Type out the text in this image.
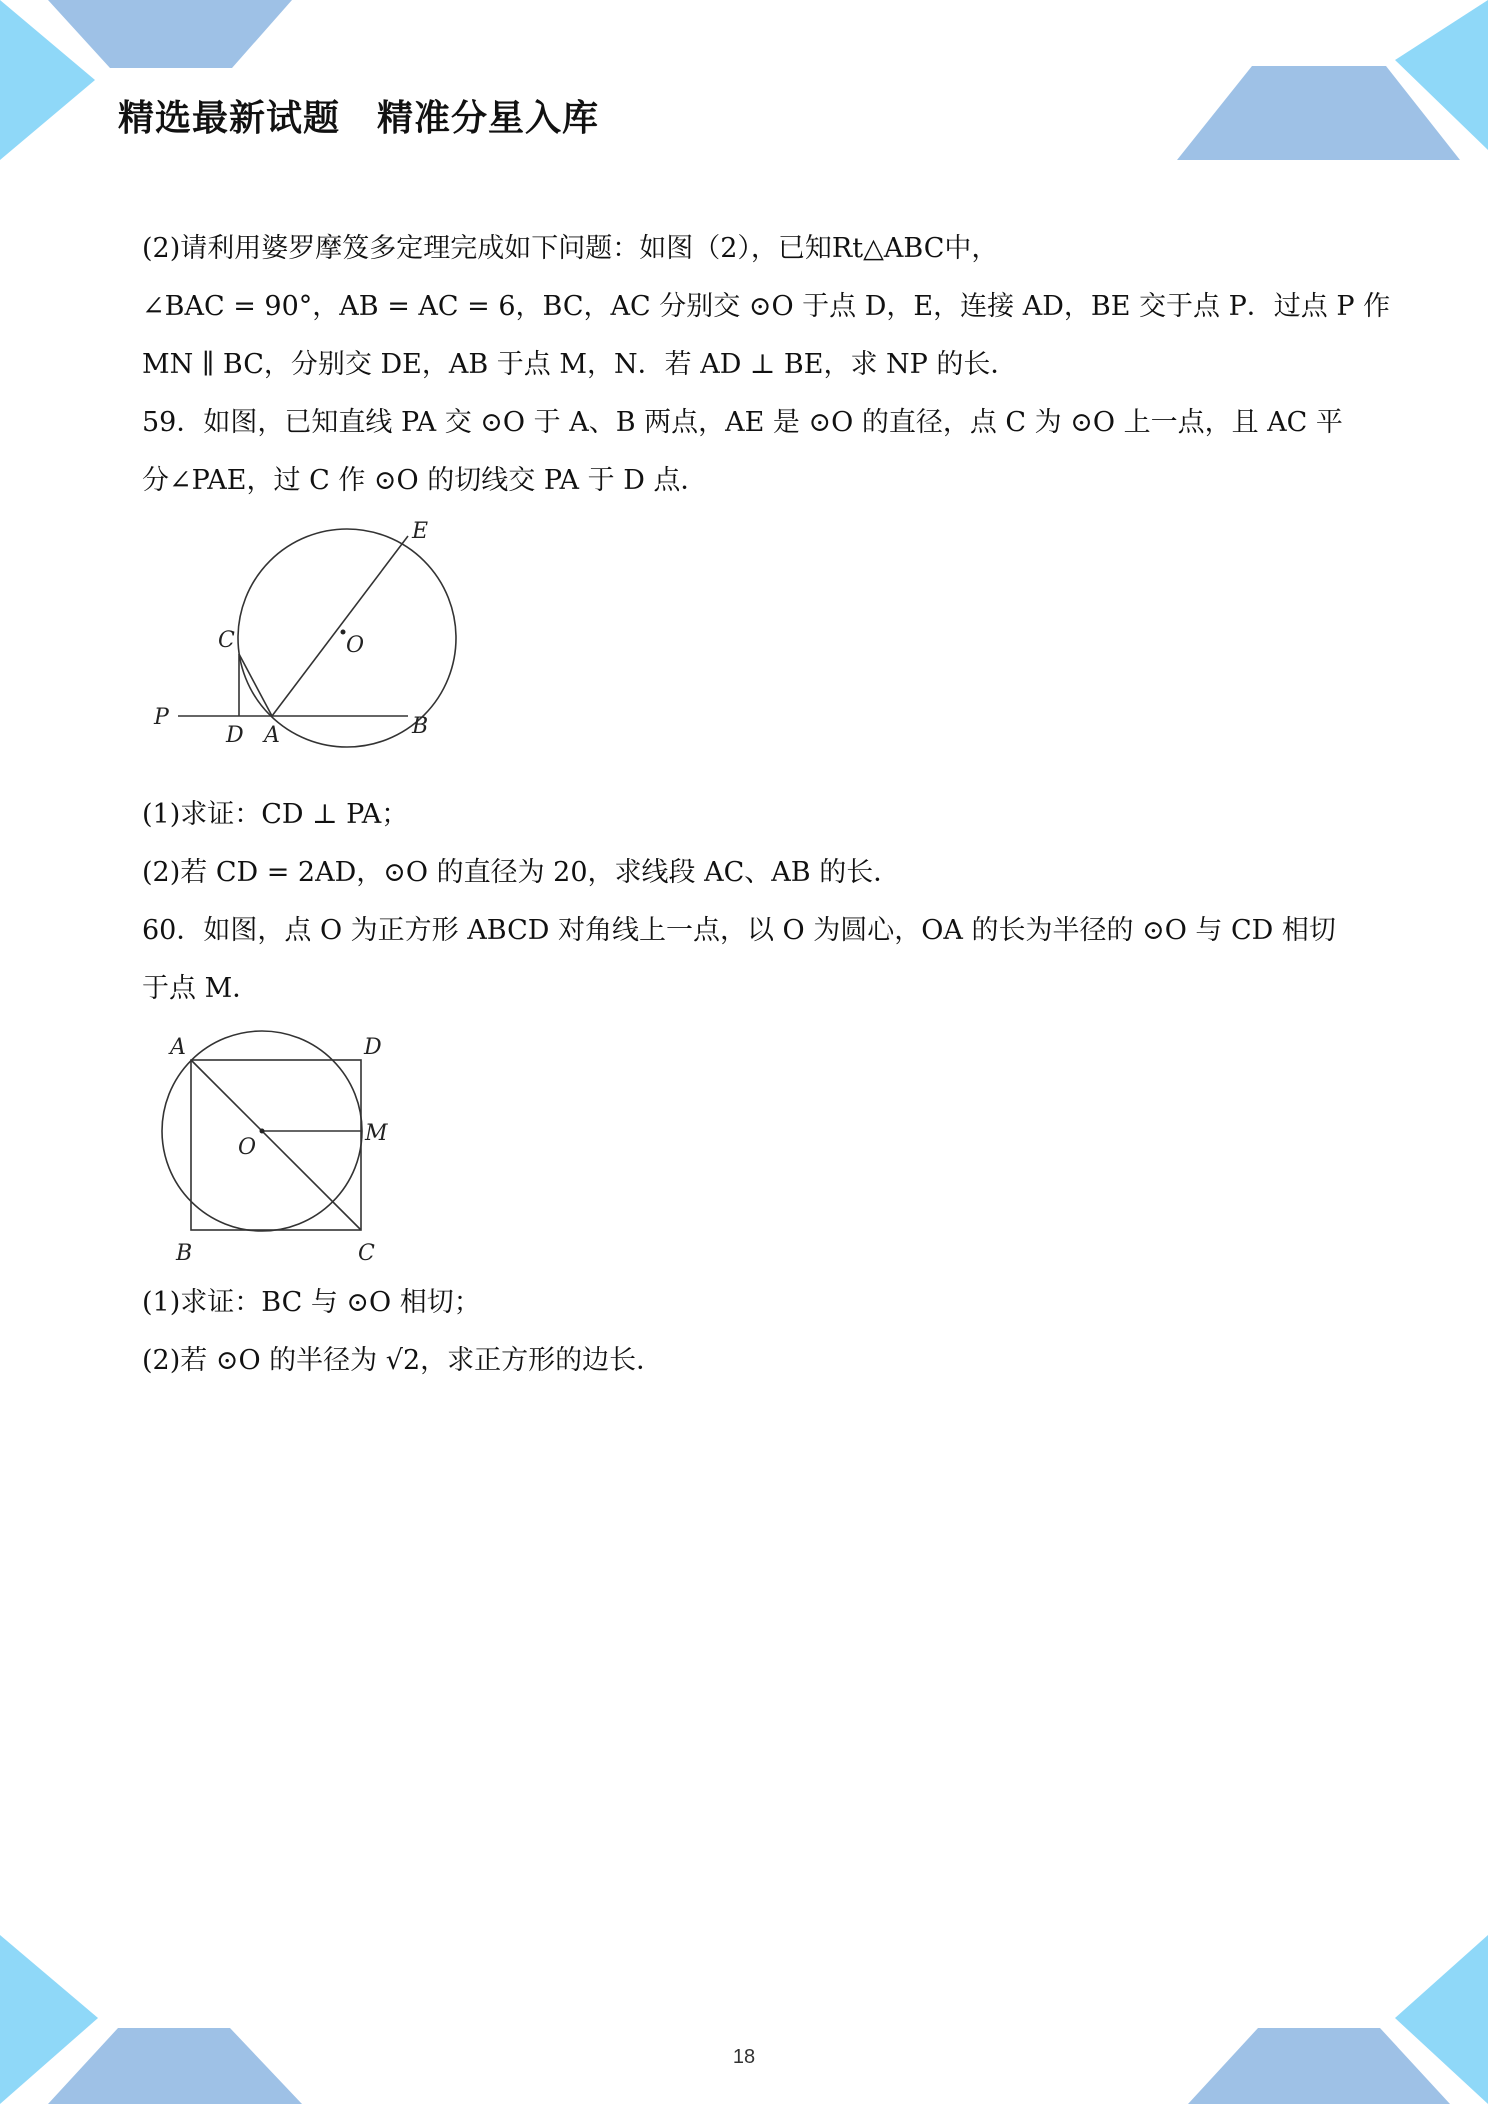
精选最新试题　精准分星入库
(2)请利用婆罗摩笈多定理完成如下问题：如图（2），已知Rt△ABC中，
∠BAC = 90°，AB = AC = 6，BC，AC 分别交 ⊙O 于点 D，E，连接 AD，BE 交于点 P．过点 P 作
MN ∥ BC，分别交 DE，AB 于点 M，N．若 AD ⊥ BE，求 NP 的长．
59．如图，已知直线 PA 交 ⊙O 于 A、B 两点，AE 是 ⊙O 的直径，点 C 为 ⊙O 上一点，且 AC 平
分∠PAE，过 C 作 ⊙O 的切线交 PA 于 D 点．
E
O
C
P
D A	B
(1)求证：CD ⊥ PA；
(2)若 CD = 2AD，⊙O 的直径为 20，求线段 AC、AB 的长．
60．如图，点 O 为正方形 ABCD 对角线上一点，以 O 为圆心，OA 的长为半径的 ⊙O 与 CD 相切
于点 M．
A	D
O
M
B	C
(1)求证：BC 与 ⊙O 相切；
(2)若 ⊙O 的半径为 √2，求正方形的边长．
18
